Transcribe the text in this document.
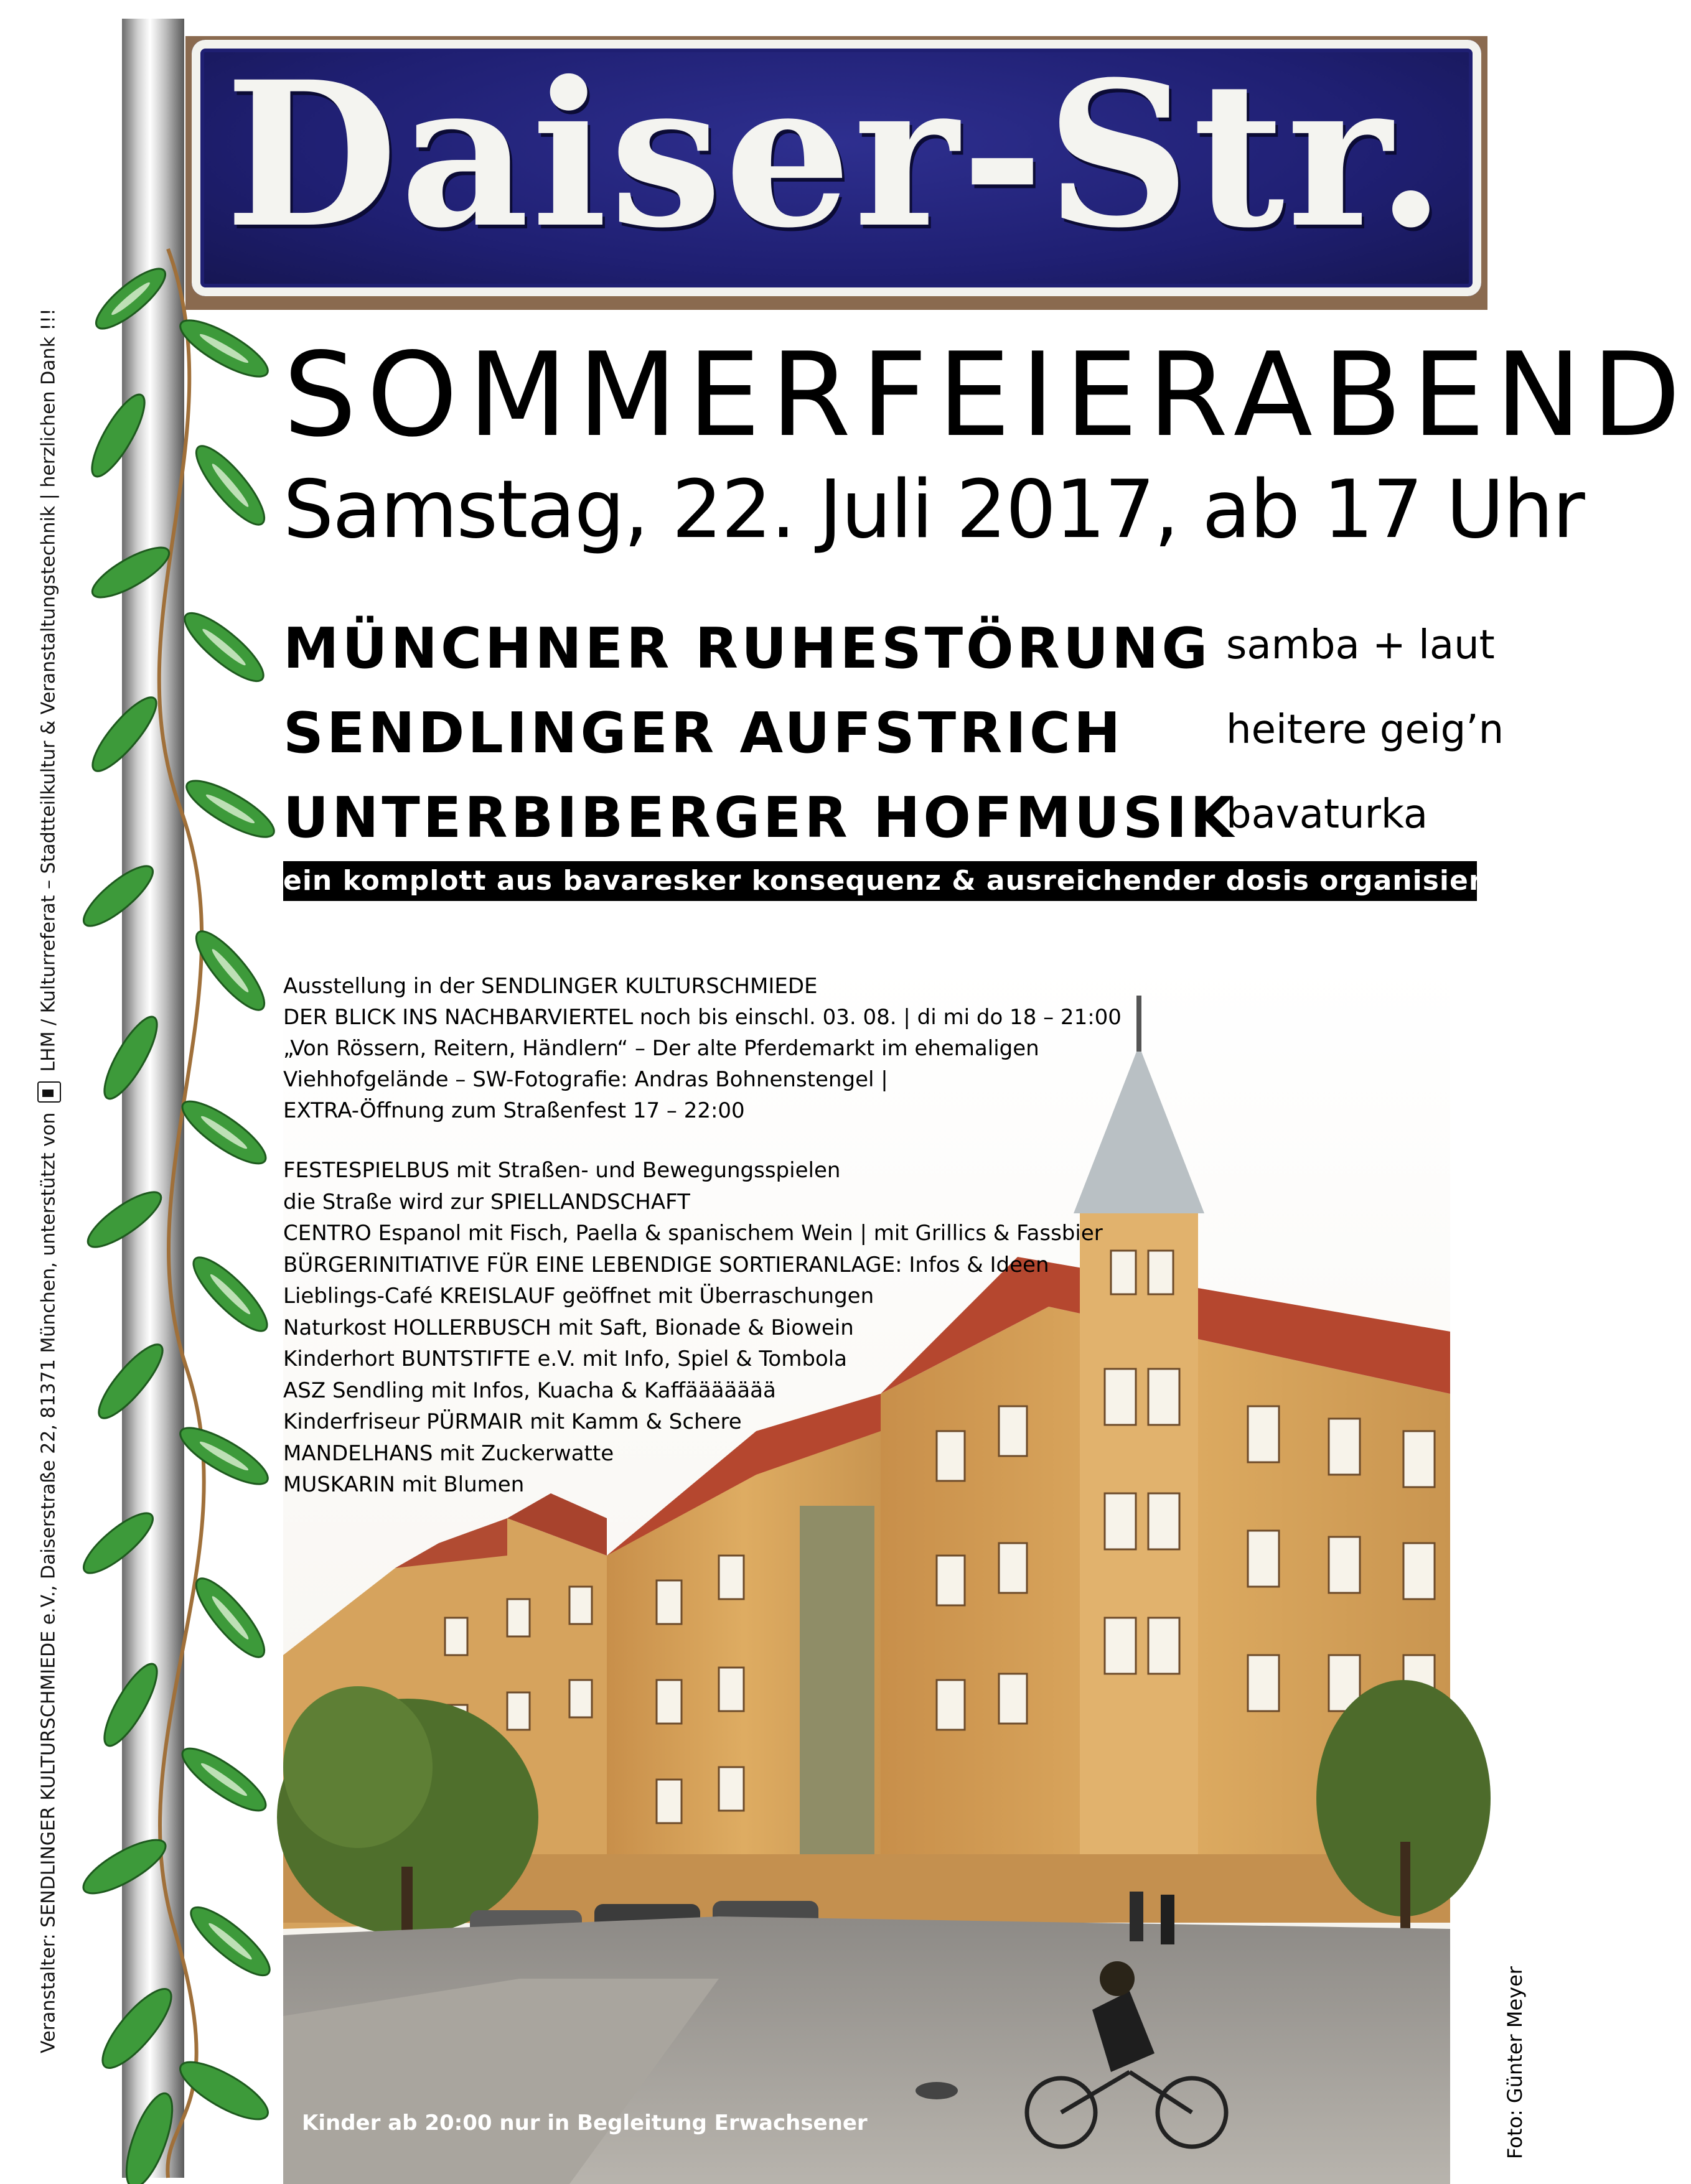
Veranstalter: SENDLINGER KULTURSCHMIEDE e.V., Daiserstraße 22, 81371 München, unterstützt von  LHM / Kulturreferat – Stadtteilkultur & Veranstaltungstechnik | herzlichen Dank !!!
Daiser-Str.
SOMMERFEIERABEND
Samstag, 22. Juli 2017, ab 17 Uhr
MÜNCHNER RUHESTÖRUNG samba + laut
SENDLINGER AUFSTRICH	heitere geig’n
UNTERBIBERGER HOFMUSIK
bavaturka
ein komplott aus bavaresker konsequenz & ausreichender dosis organisierter anarchie
Ausstellung in der SENDLINGER KULTURSCHMIEDE
DER BLICK INS NACHBARVIERTEL noch bis einschl. 03. 08. | di mi do 18 – 21:00
„Von Rössern, Reitern, Händlern“ – Der alte Pferdemarkt im ehemaligen
Viehhofgelände – SW-Fotografie: Andras Bohnenstengel |
EXTRA-Öffnung zum Straßenfest 17 – 22:00
FESTESPIELBUS mit Straßen- und Bewegungsspielen
die Straße wird zur SPIELLANDSCHAFT
CENTRO Espanol mit Fisch, Paella & spanischem Wein | mit Grillics & Fassbier
BÜRGERINITIATIVE FÜR EINE LEBENDIGE SORTIERANLAGE: Infos & Ideen
Lieblings-Café KREISLAUF geöffnet mit Überraschungen
Naturkost HOLLERBUSCH mit Saft, Bionade & Biowein
Kinderhort BUNTSTIFTE e.V. mit Info, Spiel & Tombola
ASZ Sendling mit Infos, Kuacha & Kaffäääääää
Kinderfriseur PÜRMAIR mit Kamm & Schere
MANDELHANS mit Zuckerwatte
MUSKARIN mit Blumen
Kinder ab 20:00 nur in Begleitung Erwachsener	Foto: Günter Meyer
